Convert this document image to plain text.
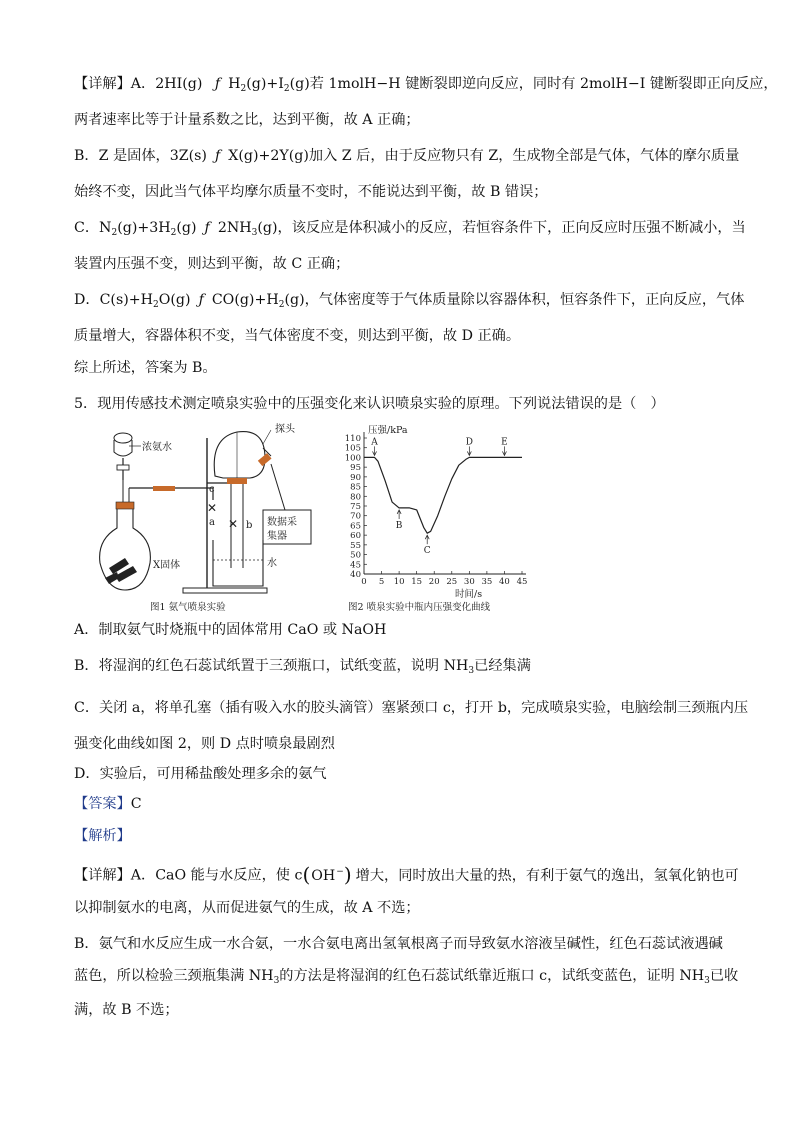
【详解】A．2HI(g) ƒ $H_2(g)+I_2(g)$若 1molH−H 键断裂即逆向反应，同时有 2molH−I 键断裂即正向反应，
两者速率比等于计量系数之比，达到平衡，故 A 正确；
B．Z 是固体，3Z(s) ƒ X(g)+2Y(g)加入 Z 后，由于反应物只有 Z，生成物全部是气体，气体的摩尔质量
始终不变，因此当气体平均摩尔质量不变时，不能说达到平衡，故 B 错误；
C．$N_2(g)+3H_2(g)$ ƒ $2NH_3(g)$，该反应是体积减小的反应，若恒容条件下，正向反应时压强不断减小，当
装置内压强不变，则达到平衡，故 C 正确；
D．$C(s)+H_2O(g)$ ƒ $CO(g)+H_2(g)$，气体密度等于气体质量除以容器体积，恒容条件下，正向反应，气体
质量增大，容器体积不变，当气体密度不变，则达到平衡，故 D 正确。
综上所述，答案为 B。
5．现用传感技术测定喷泉实验中的压强变化来认识喷泉实验的原理。下列说法错误的是（　）
浓氨水
X固体
c
✕
a ✕ b
探头
数据采
集器
水
图1 氨气喷泉实验
压强/kPa
时间/s
40
45
50
55
60
65
70
75
80
85
90
95
100
105
110
0 5 10 15 20 25 30 35 40 45
A
B
C
D	E
图2 喷泉实验中瓶内压强变化曲线
A．制取氨气时烧瓶中的固体常用 CaO 或 NaOH
B．将湿润的红色石蕊试纸置于三颈瓶口，试纸变蓝，说明 $NH_3$已经集满
C．关闭 a，将单孔塞（插有吸入水的胶头滴管）塞紧颈口 c，打开 b，完成喷泉实验，电脑绘制三颈瓶内压
强变化曲线如图 2，则 D 点时喷泉最剧烈
D．实验后，可用稀盐酸处理多余的氨气
【答案】C
【解析】
【详解】A．CaO 能与水反应，使 c(OH−) 增大，同时放出大量的热，有利于氨气的逸出，氢氧化钠也可
以抑制氨水的电离，从而促进氨气的生成，故 A 不选；
B．氨气和水反应生成一水合氨，一水合氨电离出氢氧根离子而导致氨水溶液呈碱性，红色石蕊试液遇碱
蓝色，所以检验三颈瓶集满 $NH_3$的方法是将湿润的红色石蕊试纸靠近瓶口 c，试纸变蓝色，证明 $NH_3$已收
满，故 B 不选；
